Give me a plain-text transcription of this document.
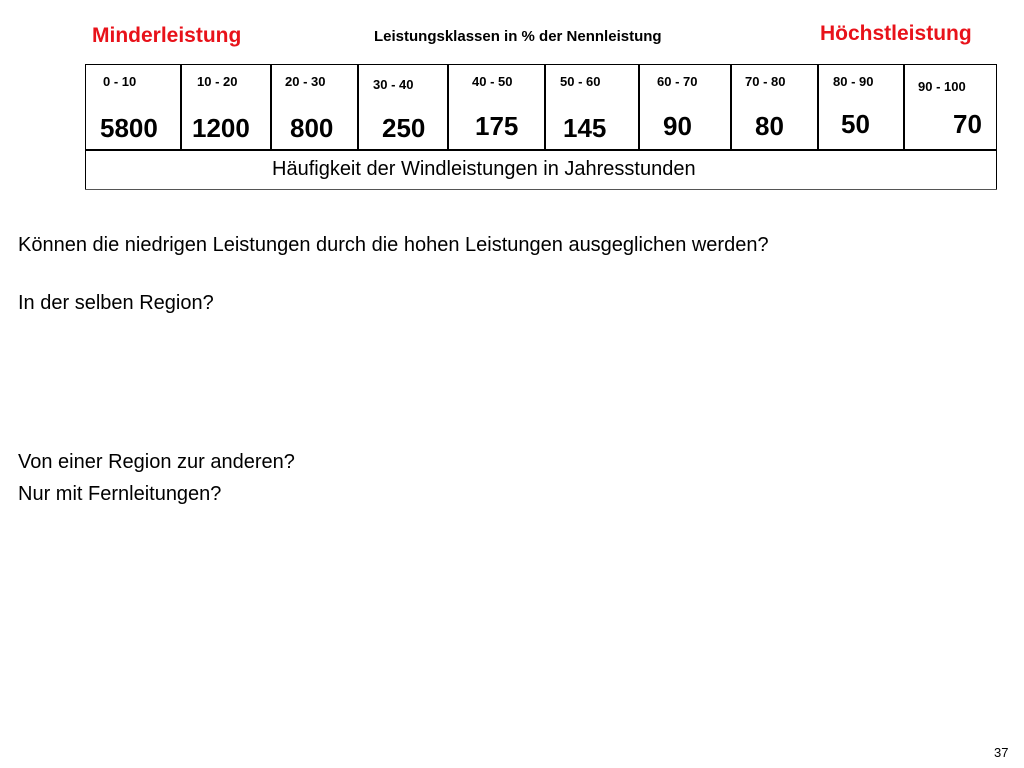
Minderleistung	Leistungsklassen in % der Nennleistung	Höchstleistung
0 - 10	10 - 20	20 - 30	30 - 40	40 - 50	50 - 60	60 - 70	70 - 80	80 - 90	90 - 100
5800 1200 800 250 175 145 90 80 50	70
Häufigkeit der Windleistungen in Jahresstunden
Können die niedrigen Leistungen durch die hohen Leistungen ausgeglichen werden?
In der selben Region?
Von einer Region zur anderen?
Nur mit Fernleitungen?
37
